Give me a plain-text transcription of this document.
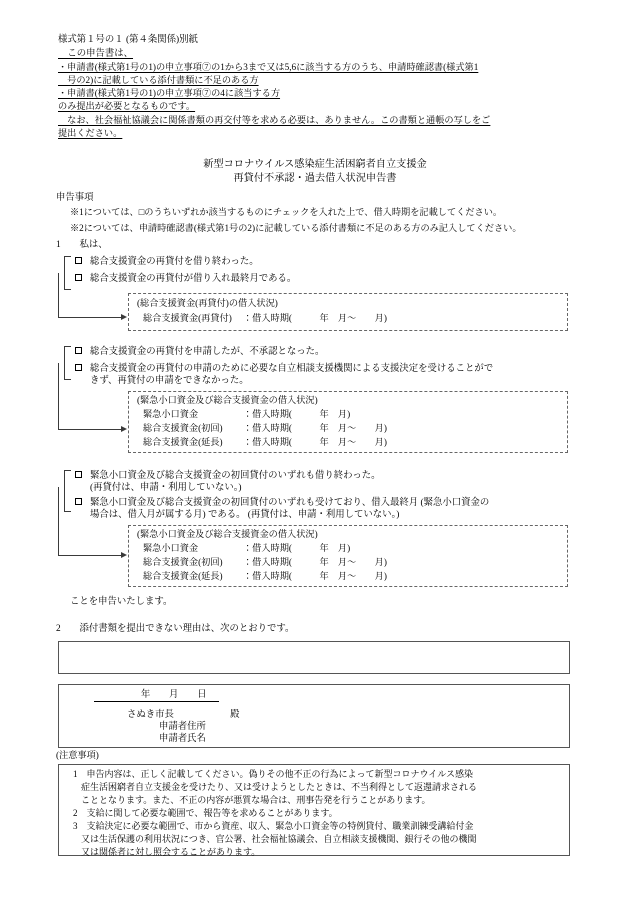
様式第１号の１ (第４条関係)別紙
　この申告書は、
・申請書(様式第1号の1)の申立事項⑦の1から3まで又は5,6に該当する方のうち、申請時確認書(様式第1
　号の2)に記載している添付書類に不足のある方
・申請書(様式第1号の1)の申立事項⑦の4に該当する方
のみ提出が必要となるものです。
　なお、社会福祉協議会に関係書類の再交付等を求める必要は、ありません。この書類と通帳の写しをご
提出ください。
新型コロナウイルス感染症生活困窮者自立支援金
再貸付不承認・過去借入状況申告書
申告事項
※1については、□のうちいずれか該当するものにチェックを入れた上で、借入時期を記載してください。
※2については、申請時確認書(様式第1号の2)に記載している添付書類に不足のある方のみ記入してください。
1　　 私は、
総合支援資金の再貸付を借り終わった。
総合支援資金の再貸付が借り入れ最終月である。
(総合支援資金(再貸付)の借入状況)
総合支援資金(再貸付) ：借入時期(　　　年　月～　　月)
総合支援資金の再貸付を申請したが、不承認となった。
総合支援資金の再貸付の申請のために必要な自立相談支援機関による支援決定を受けることがで
きず、再貸付の申請をできなかった。
(緊急小口資金及び総合支援資金の借入状況)
緊急小口資金	：借入時期(　　　年　月)
総合支援資金(初回) ：借入時期(　　　年　月～　　月)
総合支援資金(延長) ：借入時期(　　　年　月～　　月)
緊急小口資金及び総合支援資金の初回貸付のいずれも借り終わった。
(再貸付は、申請・利用していない。)
緊急小口資金及び総合支援資金の初回貸付のいずれも受けており、借入最終月 (緊急小口資金の
場合は、借入月が属する月) である。 (再貸付は、申請・利用していない。)
(緊急小口資金及び総合支援資金の借入状況)
緊急小口資金	：借入時期(　　　年　月)
総合支援資金(初回) ：借入時期(　　　年　月～　　月)
総合支援資金(延長) ：借入時期(　　　年　月～　　月)
ことを申告いたします。
2　　 添付書類を提出できない理由は、次のとおりです。
　　　　　年　　月　　日
さぬき市長　　　　　　殿
申請者住所
申請者氏名
(注意事項)
1　申告内容は、正しく記載してください。偽りその他不正の行為によって新型コロナウイルス感染
症生活困窮者自立支援金を受けたり、又は受けようとしたときは、不当利得として返還請求される
こととなります。また、不正の内容が悪質な場合は、刑事告発を行うことがあります。
2　支給に関して必要な範囲で、報告等を求めることがあります。
3　支給決定に必要な範囲で、市から資産、収入、緊急小口資金等の特例貸付、職業訓練受講給付金
又は生活保護の利用状況につき、官公署、社会福祉協議会、自立相談支援機関、銀行その他の機関
又は関係者に対し照会することがあります。
